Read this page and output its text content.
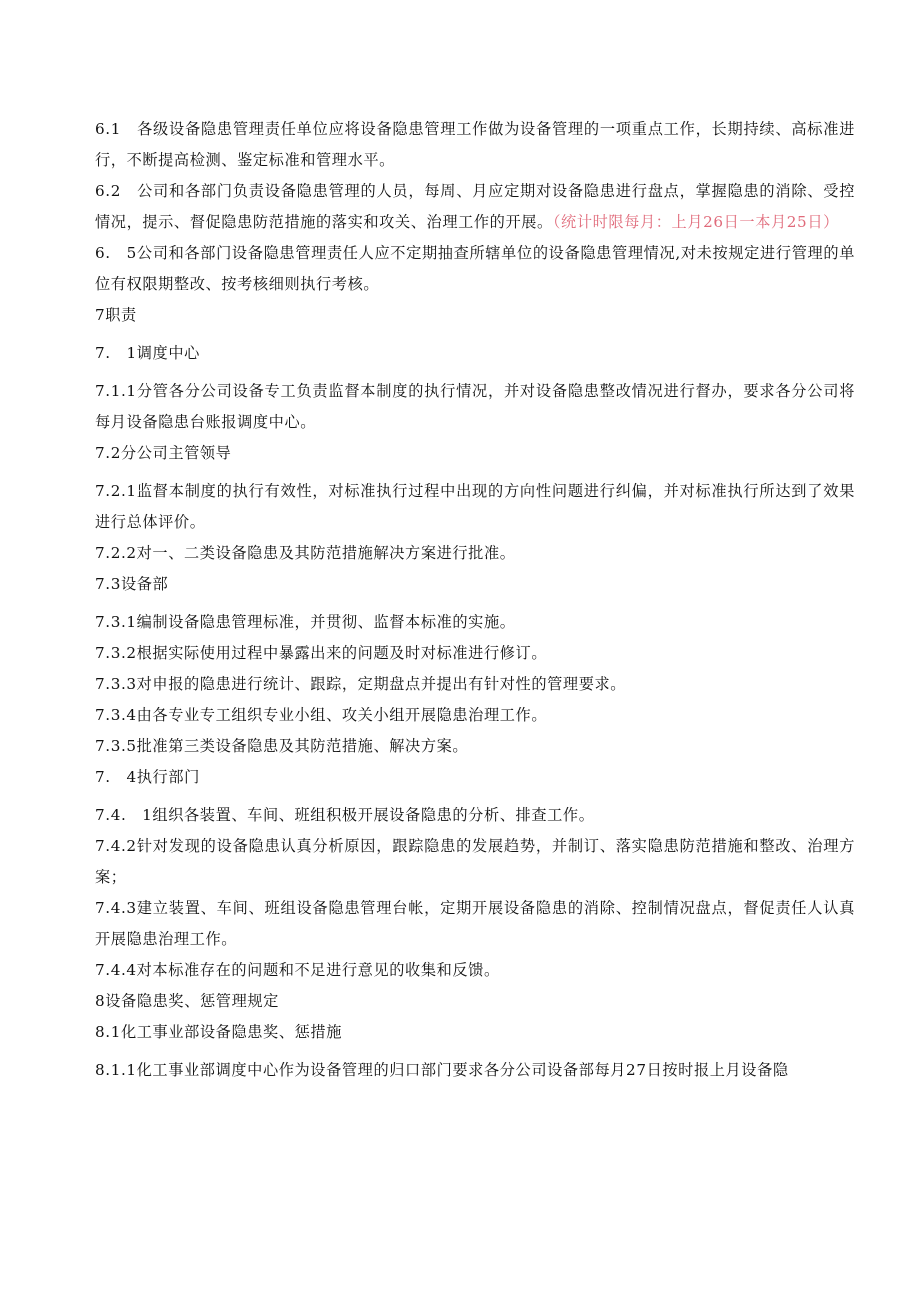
6.1　各级设备隐患管理责任单位应将设备隐患管理工作做为设备管理的一项重点工作，长期持续、高标准进行，不断提高检测、鉴定标准和管理水平。

6.2　公司和各部门负责设备隐患管理的人员，每周、月应定期对设备隐患进行盘点，掌握隐患的消除、受控情况，提示、督促隐患防范措施的落实和攻关、治理工作的开展。（统计时限每月：上月26日一本月25日）

6.　5公司和各部门设备隐患管理责任人应不定期抽查所辖单位的设备隐患管理情况,对未按规定进行管理的单位有权限期整改、按考核细则执行考核。

7职责

7.　1调度中心

7.1.1分管各分公司设备专工负责监督本制度的执行情况，并对设备隐患整改情况进行督办，要求各分公司将每月设备隐患台账报调度中心。

7.2分公司主管领导

7.2.1监督本制度的执行有效性，对标准执行过程中出现的方向性问题进行纠偏，并对标准执行所达到了效果进行总体评价。

7.2.2对一、二类设备隐患及其防范措施解决方案进行批准。

7.3设备部

7.3.1编制设备隐患管理标准，并贯彻、监督本标准的实施。

7.3.2根据实际使用过程中暴露出来的问题及时对标准进行修订。

7.3.3对申报的隐患进行统计、跟踪，定期盘点并提出有针对性的管理要求。

7.3.4由各专业专工组织专业小组、攻关小组开展隐患治理工作。

7.3.5批准第三类设备隐患及其防范措施、解决方案。

7.　4执行部门

7.4.　1组织各装置、车间、班组积极开展设备隐患的分析、排查工作。

7.4.2针对发现的设备隐患认真分析原因，跟踪隐患的发展趋势，并制订、落实隐患防范措施和整改、治理方案；

7.4.3建立装置、车间、班组设备隐患管理台帐，定期开展设备隐患的消除、控制情况盘点，督促责任人认真开展隐患治理工作。

7.4.4对本标准存在的问题和不足进行意见的收集和反馈。

8设备隐患奖、惩管理规定

8.1化工事业部设备隐患奖、惩措施

8.1.1化工事业部调度中心作为设备管理的归口部门要求各分公司设备部每月27日按时报上月设备隐
